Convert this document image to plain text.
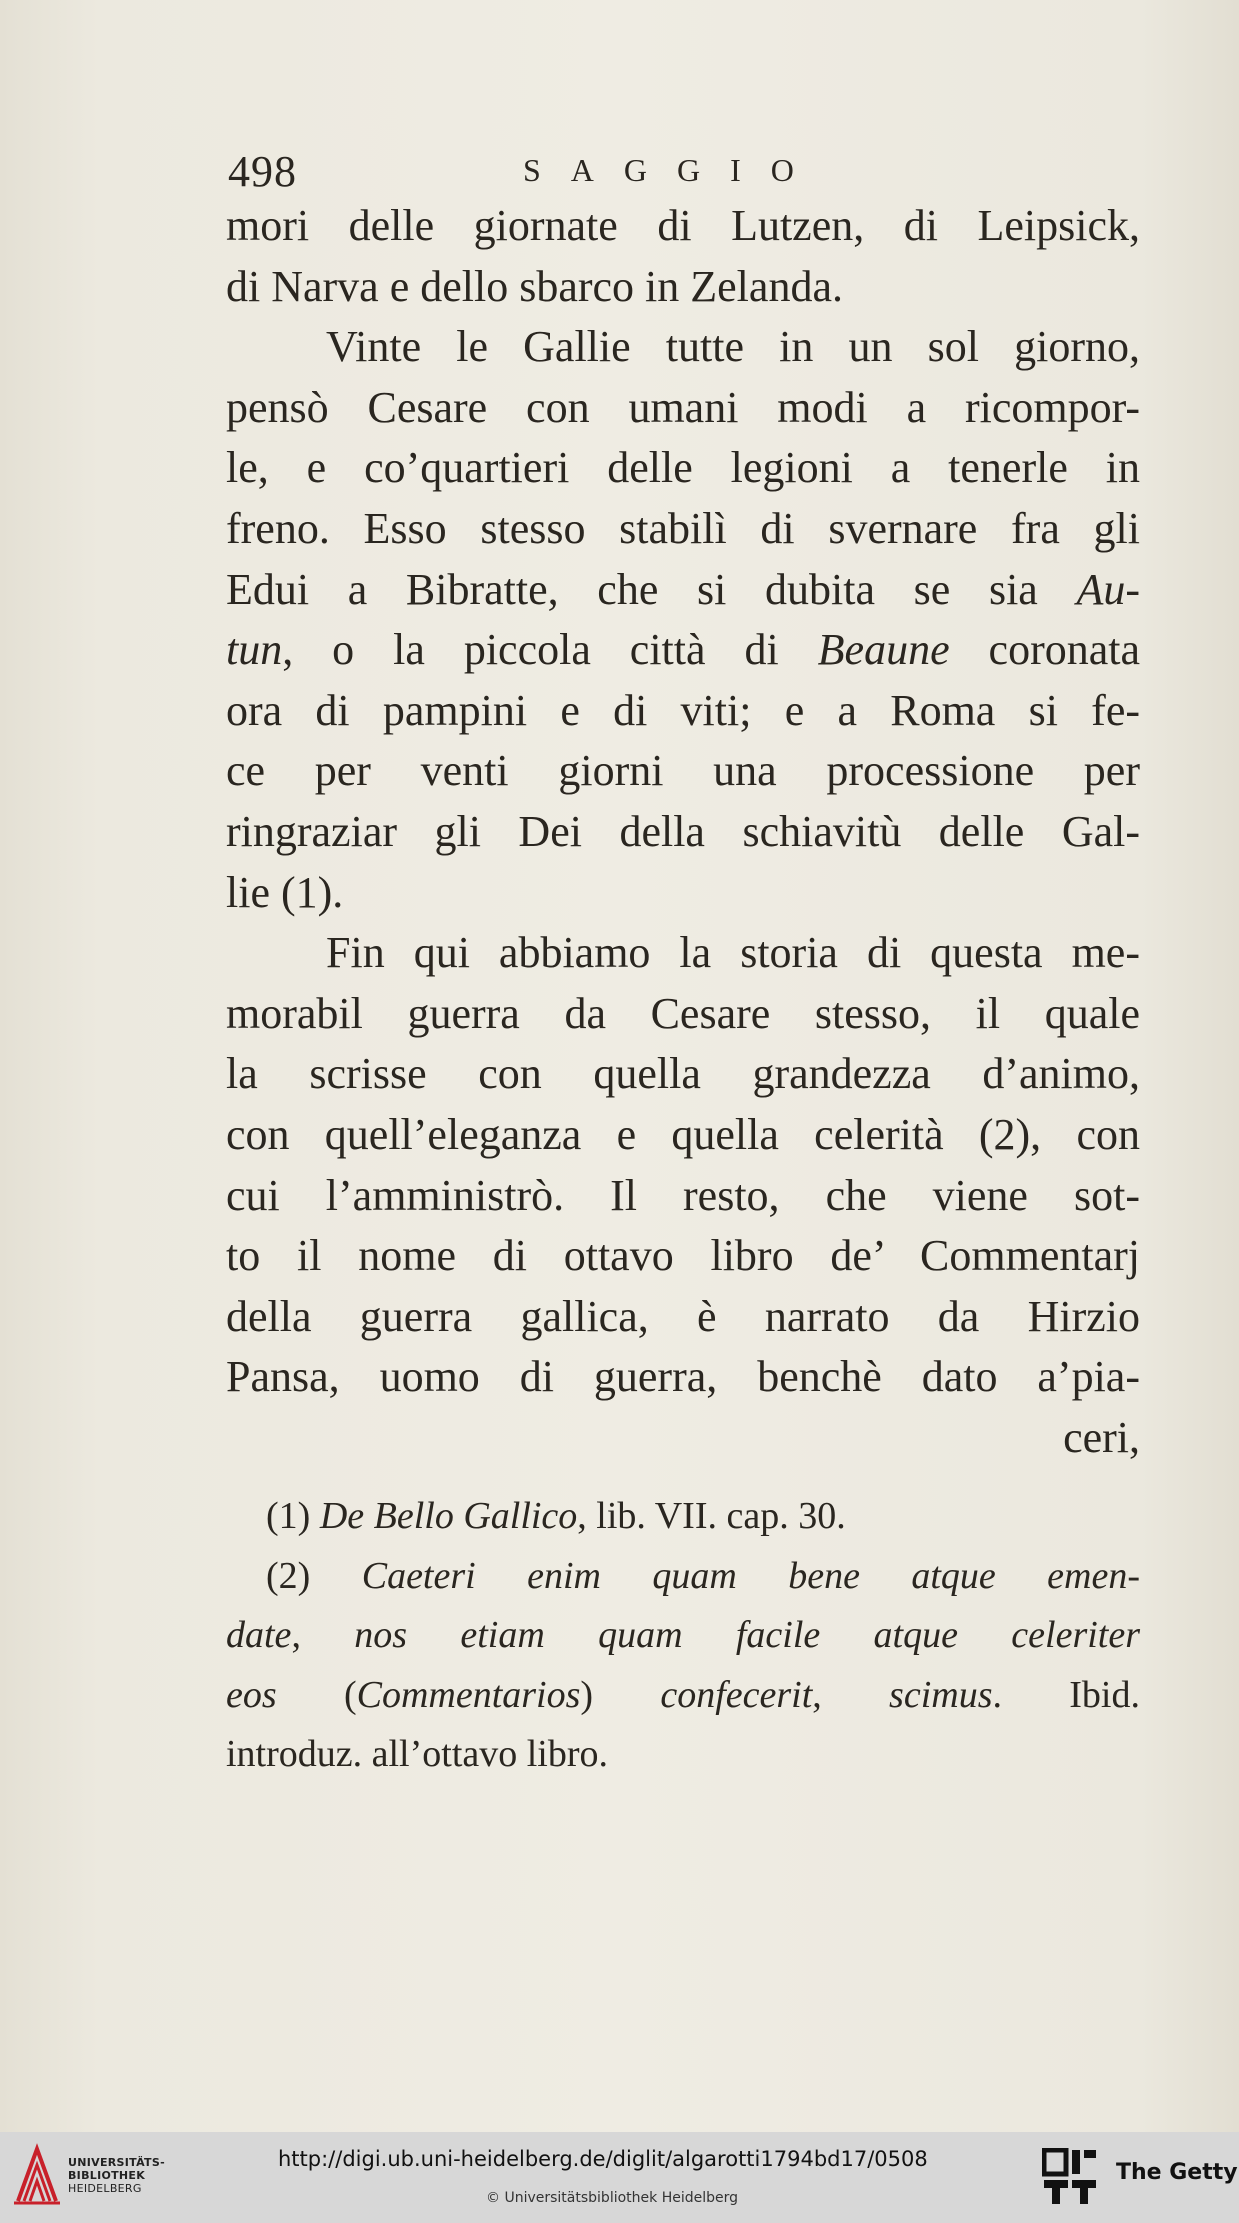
498	SAGGIO
mori delle giornate di Lutzen, di Leipsick,
di Narva e dello sbarco in Zelanda.
Vinte le Gallie tutte in un sol giorno,
pensò Cesare con umani modi a ricompor-
le, e co’quartieri delle legioni a tenerle in
freno. Esso stesso stabilì di svernare fra gli
Edui a Bibratte, che si dubita se sia Au-
tun, o la piccola città di Beaune coronata
ora di pampini e di viti; e a Roma si fe-
ce per venti giorni una processione per
ringraziar gli Dei della schiavitù delle Gal-
lie (1).
Fin qui abbiamo la storia di questa me-
morabil guerra da Cesare stesso, il quale
la scrisse con quella grandezza d’animo,
con quell’eleganza e quella celerità (2), con
cui l’amministrò. Il resto, che viene sot-
to il nome di ottavo libro de’ Commentarj
della guerra gallica, è narrato da Hirzio
Pansa, uomo di guerra, benchè dato a’pia-
ceri,
(1) De Bello Gallico, lib. VII. cap. 30.
(2) Caeteri enim quam bene atque emen-
date, nos etiam quam facile atque celeriter
eos (Commentarios) confecerit, scimus. Ibid.
introduz. all’ottavo libro.
UNIVERSITÄTS-
BIBLIOTHEK
HEIDELBERG
http://digi.ub.uni-heidelberg.de/diglit/algarotti1794bd17/0508
© Universitätsbibliothek Heidelberg
The Getty
